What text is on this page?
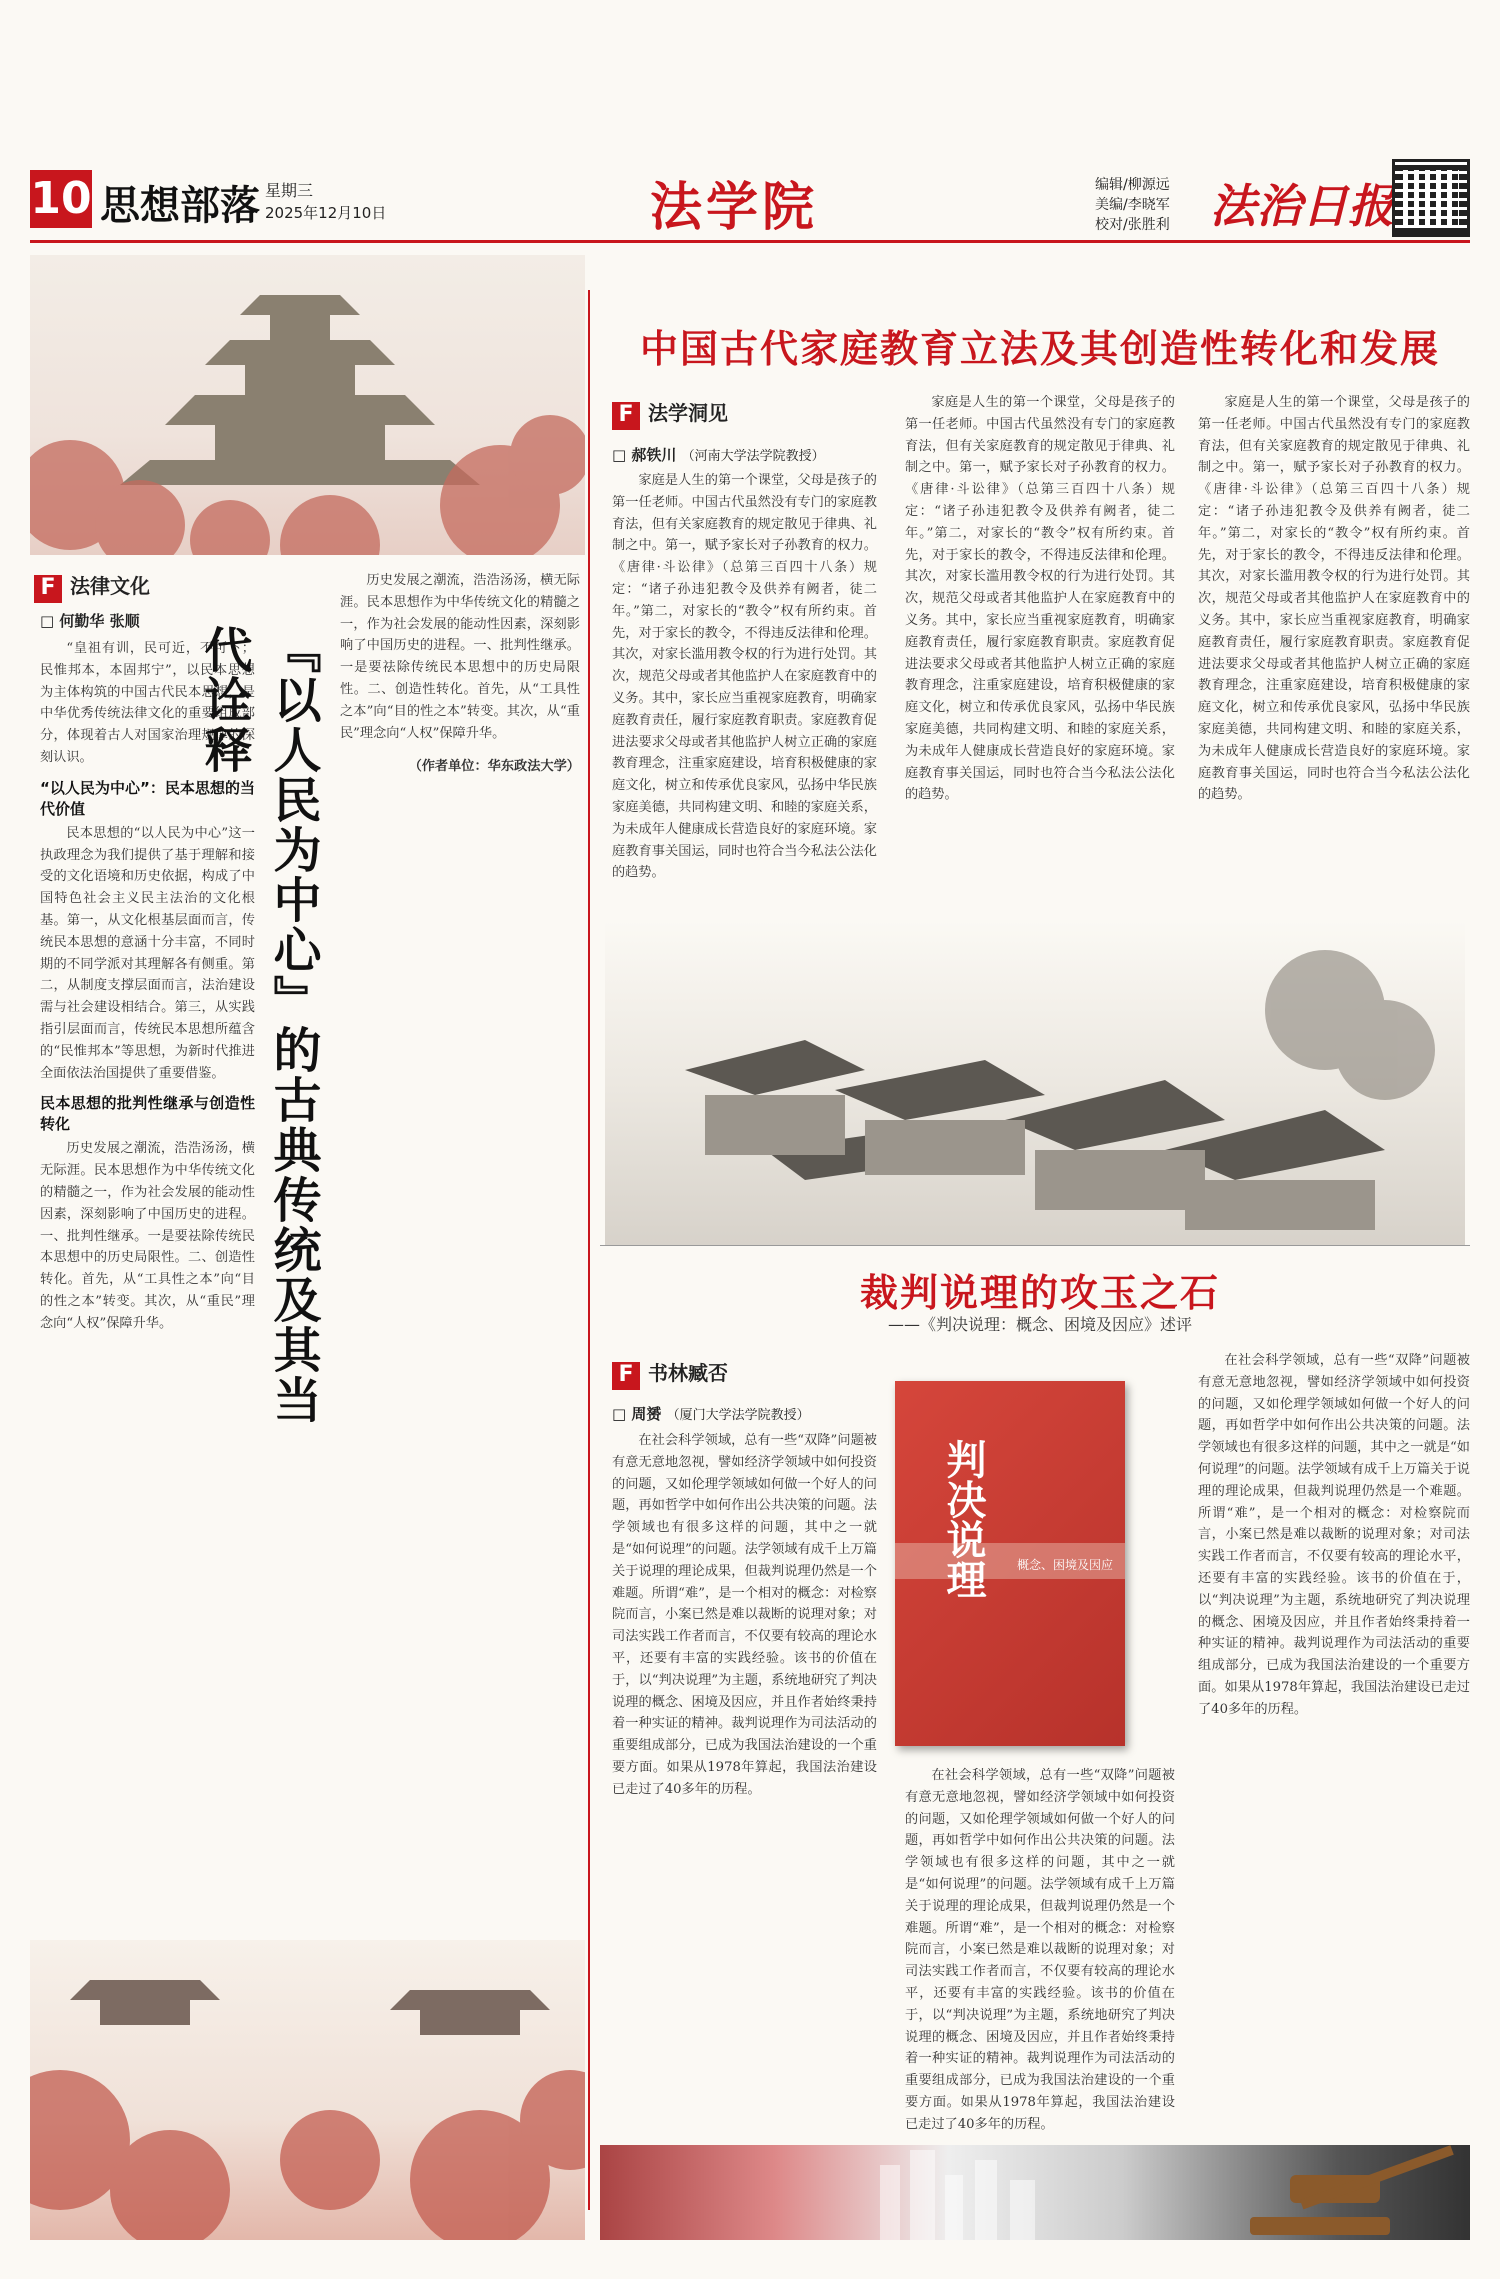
10 思想部落 星期三
2025年12月10日	法学院	编辑/柳源远
美编/李晓军
校对/张胜利 法治日报
F 法律文化
□ 何勤华 张顺

“皇祖有训，民可近，不可下；民惟邦本，本固邦宁”，以民本思想为主体构筑的中国古代民本思想，是中华优秀传统法律文化的重要组成部分，体现着古人对国家治理规律的深刻认识。

“以人民为中心”：民本思想的当代价值

民本思想的“以人民为中心”这一执政理念为我们提供了基于理解和接受的文化语境和历史依据，构成了中国特色社会主义民主法治的文化根基。第一，从文化根基层面而言，传统民本思想的意涵十分丰富，不同时期的不同学派对其理解各有侧重。第二，从制度支撑层面而言，法治建设需与社会建设相结合。第三，从实践指引层面而言，传统民本思想所蕴含的“民惟邦本”等思想，为新时代推进全面依法治国提供了重要借鉴。

民本思想的批判性继承与创造性转化

历史发展之潮流，浩浩汤汤，横无际涯。民本思想作为中华传统文化的精髓之一，作为社会发展的能动性因素，深刻影响了中国历史的进程。一、批判性继承。一是要祛除传统民本思想中的历史局限性。二、创造性转化。首先，从“工具性之本”向“目的性之本”转变。其次，从“重民”理念向“人权”保障升华。	『以人民为中心』的古典传统及其当代诠释

历史发展之潮流，浩浩汤汤，横无际涯。民本思想作为中华传统文化的精髓之一，作为社会发展的能动性因素，深刻影响了中国历史的进程。一、批判性继承。一是要祛除传统民本思想中的历史局限性。二、创造性转化。首先，从“工具性之本”向“目的性之本”转变。其次，从“重民”理念向“人权”保障升华。

（作者单位：华东政法大学）
中国古代家庭教育立法及其创造性转化和发展
F 法学洞见
□ 郝铁川 （河南大学法学院教授）

家庭是人生的第一个课堂，父母是孩子的第一任老师。中国古代虽然没有专门的家庭教育法，但有关家庭教育的规定散见于律典、礼制之中。第一，赋予家长对子孙教育的权力。《唐律·斗讼律》（总第三百四十八条）规定：“诸子孙违犯教令及供养有阙者，徒二年。”第二，对家长的“教令”权有所约束。首先，对于家长的教令，不得违反法律和伦理。其次，对家长滥用教令权的行为进行处罚。其次，规范父母或者其他监护人在家庭教育中的义务。其中，家长应当重视家庭教育，明确家庭教育责任，履行家庭教育职责。家庭教育促进法要求父母或者其他监护人树立正确的家庭教育理念，注重家庭建设，培育积极健康的家庭文化，树立和传承优良家风，弘扬中华民族家庭美德，共同构建文明、和睦的家庭关系，为未成年人健康成长营造良好的家庭环境。家庭教育事关国运，同时也符合当今私法公法化的趋势。

家庭是人生的第一个课堂，父母是孩子的第一任老师。中国古代虽然没有专门的家庭教育法，但有关家庭教育的规定散见于律典、礼制之中。第一，赋予家长对子孙教育的权力。《唐律·斗讼律》（总第三百四十八条）规定：“诸子孙违犯教令及供养有阙者，徒二年。”第二，对家长的“教令”权有所约束。首先，对于家长的教令，不得违反法律和伦理。其次，对家长滥用教令权的行为进行处罚。其次，规范父母或者其他监护人在家庭教育中的义务。其中，家长应当重视家庭教育，明确家庭教育责任，履行家庭教育职责。家庭教育促进法要求父母或者其他监护人树立正确的家庭教育理念，注重家庭建设，培育积极健康的家庭文化，树立和传承优良家风，弘扬中华民族家庭美德，共同构建文明、和睦的家庭关系，为未成年人健康成长营造良好的家庭环境。家庭教育事关国运，同时也符合当今私法公法化的趋势。

家庭是人生的第一个课堂，父母是孩子的第一任老师。中国古代虽然没有专门的家庭教育法，但有关家庭教育的规定散见于律典、礼制之中。第一，赋予家长对子孙教育的权力。《唐律·斗讼律》（总第三百四十八条）规定：“诸子孙违犯教令及供养有阙者，徒二年。”第二，对家长的“教令”权有所约束。首先，对于家长的教令，不得违反法律和伦理。其次，对家长滥用教令权的行为进行处罚。其次，规范父母或者其他监护人在家庭教育中的义务。其中，家长应当重视家庭教育，明确家庭教育责任，履行家庭教育职责。家庭教育促进法要求父母或者其他监护人树立正确的家庭教育理念，注重家庭建设，培育积极健康的家庭文化，树立和传承优良家风，弘扬中华民族家庭美德，共同构建文明、和睦的家庭关系，为未成年人健康成长营造良好的家庭环境。家庭教育事关国运，同时也符合当今私法公法化的趋势。

裁判说理的攻玉之石
——《判决说理：概念、困境及因应》述评
F 书林臧否
□ 周赟 （厦门大学法学院教授）

在社会科学领域，总有一些“双降”问题被有意无意地忽视，譬如经济学领域中如何投资的问题，又如伦理学领域如何做一个好人的问题，再如哲学中如何作出公共决策的问题。法学领域也有很多这样的问题，其中之一就是“如何说理”的问题。法学领域有成千上万篇关于说理的理论成果，但裁判说理仍然是一个难题。所谓“难”，是一个相对的概念：对检察院而言，小案已然是难以裁断的说理对象；对司法实践工作者而言，不仅要有较高的理论水平，还要有丰富的实践经验。该书的价值在于，以“判决说理”为主题，系统地研究了判决说理的概念、困境及因应，并且作者始终秉持着一种实证的精神。裁判说理作为司法活动的重要组成部分，已成为我国法治建设的一个重要方面。如果从1978年算起，我国法治建设已走过了40多年的历程。

判决说理	概念、困境及因应

在社会科学领域，总有一些“双降”问题被有意无意地忽视，譬如经济学领域中如何投资的问题，又如伦理学领域如何做一个好人的问题，再如哲学中如何作出公共决策的问题。法学领域也有很多这样的问题，其中之一就是“如何说理”的问题。法学领域有成千上万篇关于说理的理论成果，但裁判说理仍然是一个难题。所谓“难”，是一个相对的概念：对检察院而言，小案已然是难以裁断的说理对象；对司法实践工作者而言，不仅要有较高的理论水平，还要有丰富的实践经验。该书的价值在于，以“判决说理”为主题，系统地研究了判决说理的概念、困境及因应，并且作者始终秉持着一种实证的精神。裁判说理作为司法活动的重要组成部分，已成为我国法治建设的一个重要方面。如果从1978年算起，我国法治建设已走过了40多年的历程。

在社会科学领域，总有一些“双降”问题被有意无意地忽视，譬如经济学领域中如何投资的问题，又如伦理学领域如何做一个好人的问题，再如哲学中如何作出公共决策的问题。法学领域也有很多这样的问题，其中之一就是“如何说理”的问题。法学领域有成千上万篇关于说理的理论成果，但裁判说理仍然是一个难题。所谓“难”，是一个相对的概念：对检察院而言，小案已然是难以裁断的说理对象；对司法实践工作者而言，不仅要有较高的理论水平，还要有丰富的实践经验。该书的价值在于，以“判决说理”为主题，系统地研究了判决说理的概念、困境及因应，并且作者始终秉持着一种实证的精神。裁判说理作为司法活动的重要组成部分，已成为我国法治建设的一个重要方面。如果从1978年算起，我国法治建设已走过了40多年的历程。
